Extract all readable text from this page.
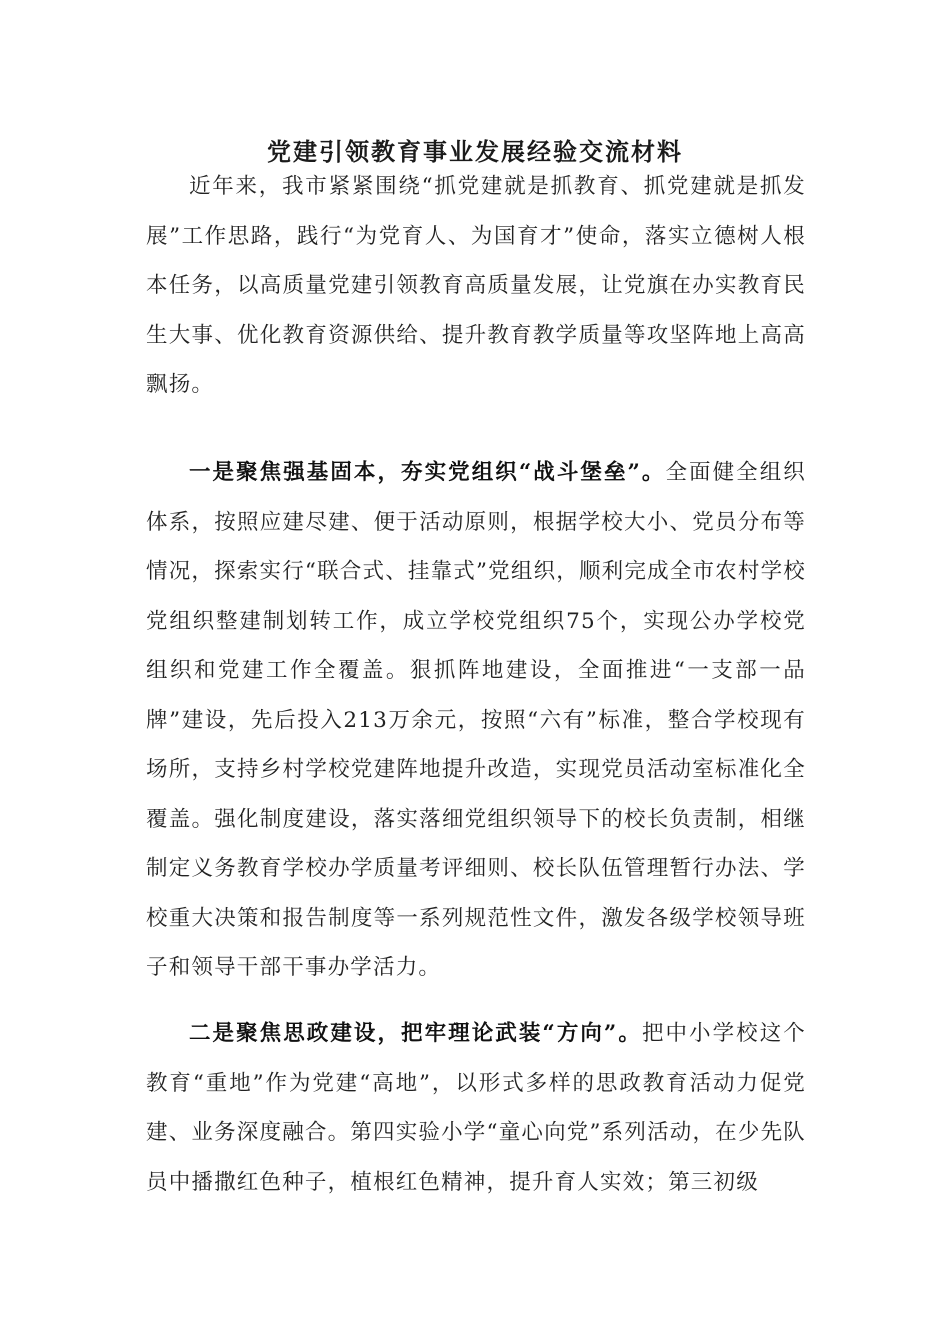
党建引领教育事业发展经验交流材料

近年来，我市紧紧围绕“抓党建就是抓教育、抓党建就是抓发展”工作思路，践行“为党育人、为国育才”使命，落实立德树人根本任务，以高质量党建引领教育高质量发展，让党旗在办实教育民生大事、优化教育资源供给、提升教育教学质量等攻坚阵地上高高飘扬。

一是聚焦强基固本，夯实党组织“战斗堡垒”。全面健全组织体系，按照应建尽建、便于活动原则，根据学校大小、党员分布等情况，探索实行“联合式、挂靠式”党组织，顺利完成全市农村学校党组织整建制划转工作，成立学校党组织75个，实现公办学校党组织和党建工作全覆盖。狠抓阵地建设，全面推进“一支部一品牌”建设，先后投入213万余元，按照“六有”标准，整合学校现有场所，支持乡村学校党建阵地提升改造，实现党员活动室标准化全覆盖。强化制度建设，落实落细党组织领导下的校长负责制，相继制定义务教育学校办学质量考评细则、校长队伍管理暂行办法、学校重大决策和报告制度等一系列规范性文件，激发各级学校领导班子和领导干部干事办学活力。

二是聚焦思政建设，把牢理论武装“方向”。把中小学校这个教育“重地”作为党建“高地”，以形式多样的思政教育活动力促党建、业务深度融合。第四实验小学“童心向党”系列活动，在少先队员中播撒红色种子，植根红色精神，提升育人实效；第三初级
